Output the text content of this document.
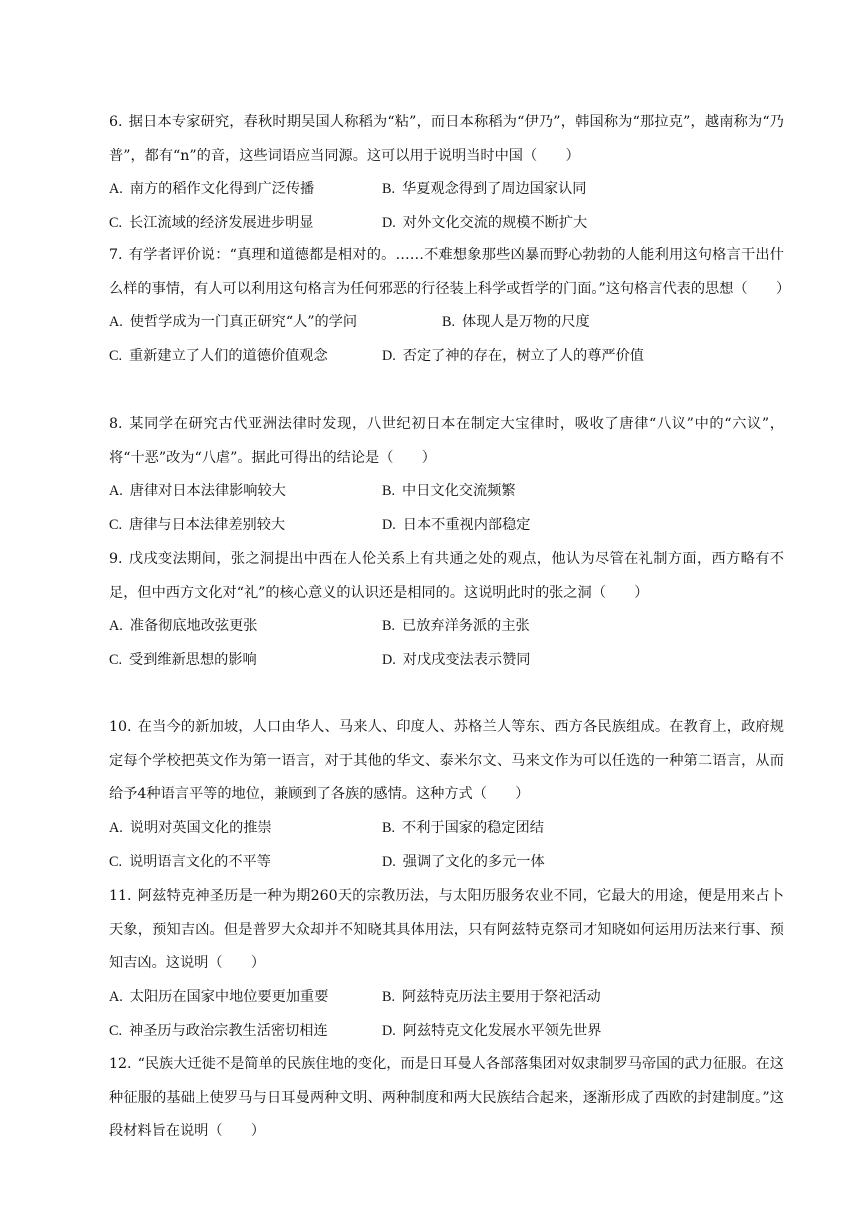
6. 据日本专家研究，春秋时期吴国人称稻为“粘”，而日本称稻为“伊乃”，韩国称为“那拉克”，越南称为“乃普”，都有“n”的音，这些词语应当同源。这可以用于说明当时中国（　　）
A. 南方的稻作文化得到广泛传播	B. 华夏观念得到了周边国家认同
C. 长江流域的经济发展进步明显	D. 对外文化交流的规模不断扩大
7. 有学者评价说：“真理和道德都是相对的。……不难想象那些凶暴而野心勃勃的人能利用这句格言干出什么样的事情，有人可以利用这句格言为任何邪恶的行径装上科学或哲学的门面。”这句格言代表的思想（　　）
A. 使哲学成为一门真正研究“人”的学问	B. 体现人是万物的尺度
C. 重新建立了人们的道德价值观念	D. 否定了神的存在，树立了人的尊严价值
8. 某同学在研究古代亚洲法律时发现，八世纪初日本在制定大宝律时，吸收了唐律“八议”中的“六议”，将“十恶”改为“八虐”。据此可得出的结论是（　　）
A. 唐律对日本法律影响较大	B. 中日文化交流频繁
C. 唐律与日本法律差别较大	D. 日本不重视内部稳定
9. 戊戌变法期间，张之洞提出中西在人伦关系上有共通之处的观点，他认为尽管在礼制方面，西方略有不足，但中西方文化对“礼”的核心意义的认识还是相同的。这说明此时的张之洞（　　）
A. 准备彻底地改弦更张	B. 已放弃洋务派的主张
C. 受到维新思想的影响	D. 对戊戌变法表示赞同
10. 在当今的新加坡，人口由华人、马来人、印度人、苏格兰人等东、西方各民族组成。在教育上，政府规定每个学校把英文作为第一语言，对于其他的华文、泰米尔文、马来文作为可以任选的一种第二语言，从而给予4种语言平等的地位，兼顾到了各族的感情。这种方式（　　）
A. 说明对英国文化的推崇	B. 不利于国家的稳定团结
C. 说明语言文化的不平等	D. 强调了文化的多元一体
11. 阿兹特克神圣历是一种为期260天的宗教历法，与太阳历服务农业不同，它最大的用途，便是用来占卜天象，预知吉凶。但是普罗大众却并不知晓其具体用法，只有阿兹特克祭司才知晓如何运用历法来行事、预知吉凶。这说明（　　）
A. 太阳历在国家中地位要更加重要	B. 阿兹特克历法主要用于祭祀活动
C. 神圣历与政治宗教生活密切相连	D. 阿兹特克文化发展水平领先世界
12. “民族大迁徙不是简单的民族住地的变化，而是日耳曼人各部落集团对奴隶制罗马帝国的武力征服。在这种征服的基础上使罗马与日耳曼两种文明、两种制度和两大民族结合起来，逐渐形成了西欧的封建制度。”这段材料旨在说明（　　）
